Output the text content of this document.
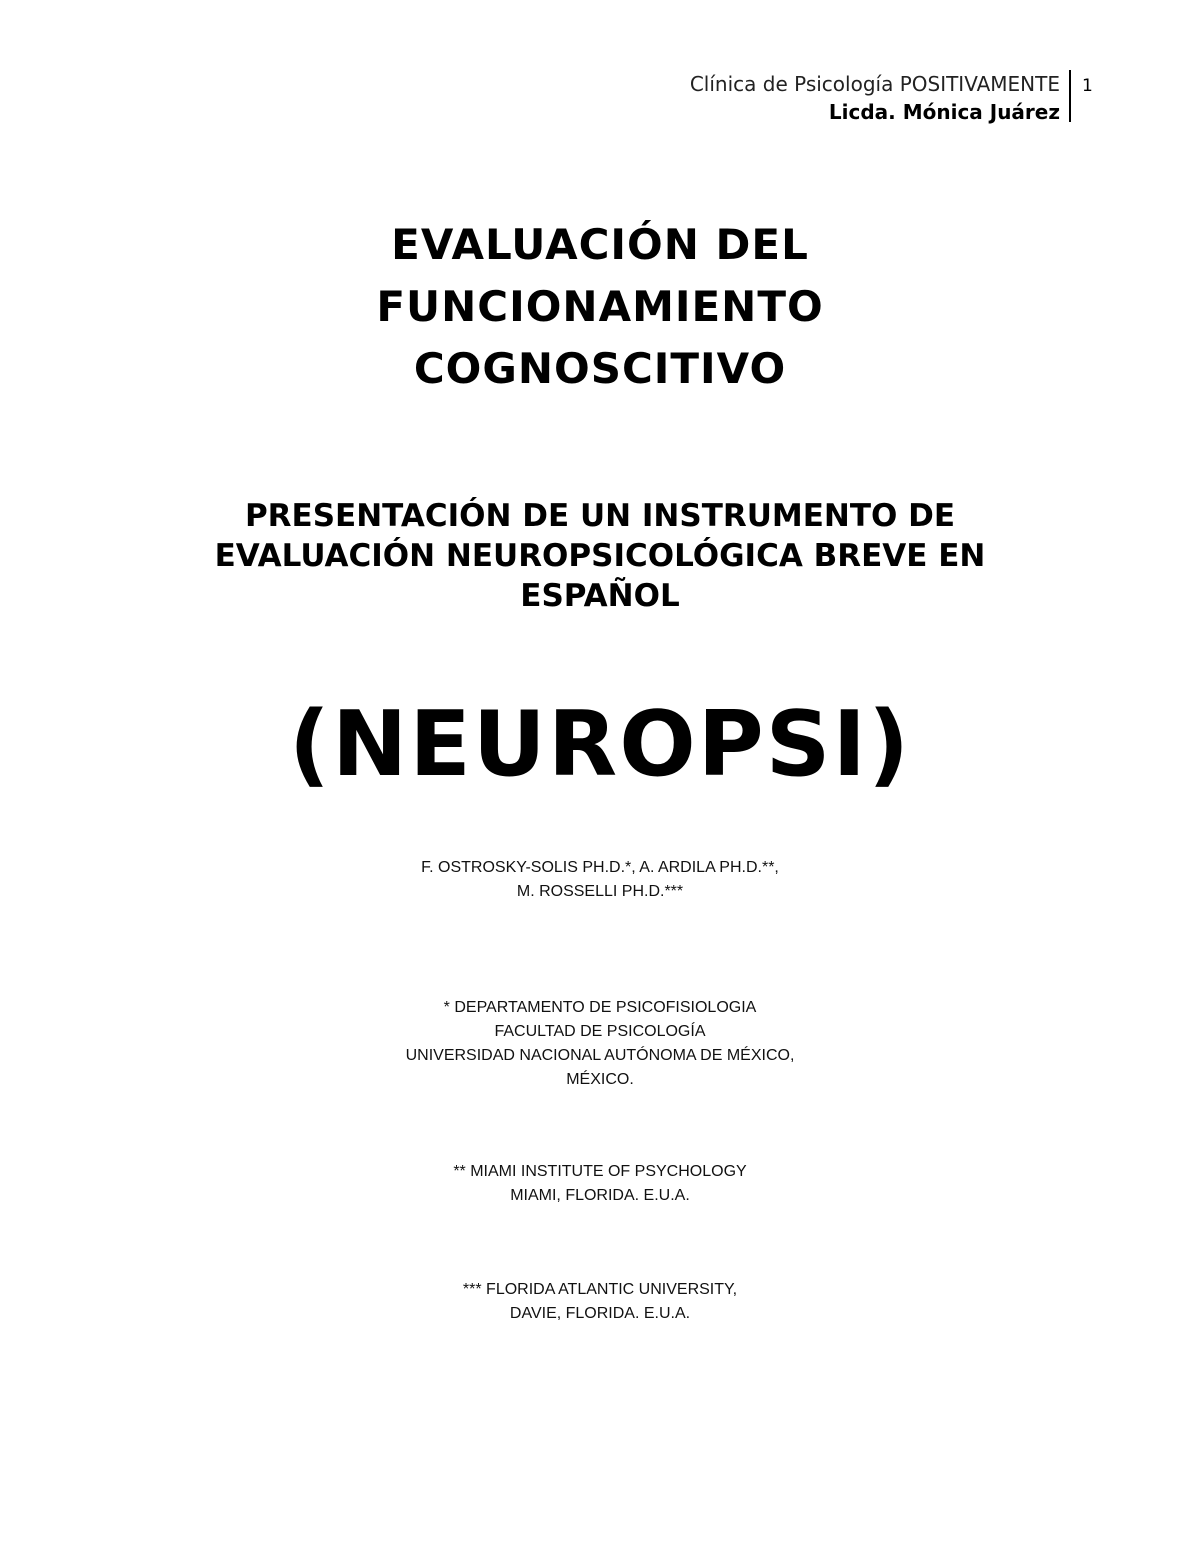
Clínica de Psicología POSITIVAMENTE
Licda. Mónica Juárez
1
EVALUACIÓN DEL
FUNCIONAMIENTO
COGNOSCITIVO
PRESENTACIÓN DE UN INSTRUMENTO DE
EVALUACIÓN NEUROPSICOLÓGICA BREVE EN
ESPAÑOL
(NEUROPSI)
F. OSTROSKY-SOLIS PH.D.*, A. ARDILA PH.D.**,
M. ROSSELLI PH.D.***
* DEPARTAMENTO DE PSICOFISIOLOGIA
FACULTAD DE PSICOLOGÍA
UNIVERSIDAD NACIONAL AUTÓNOMA DE MÉXICO,
MÉXICO.
** MIAMI INSTITUTE OF PSYCHOLOGY
MIAMI, FLORIDA. E.U.A.
*** FLORIDA ATLANTIC UNIVERSITY,
DAVIE, FLORIDA. E.U.A.
